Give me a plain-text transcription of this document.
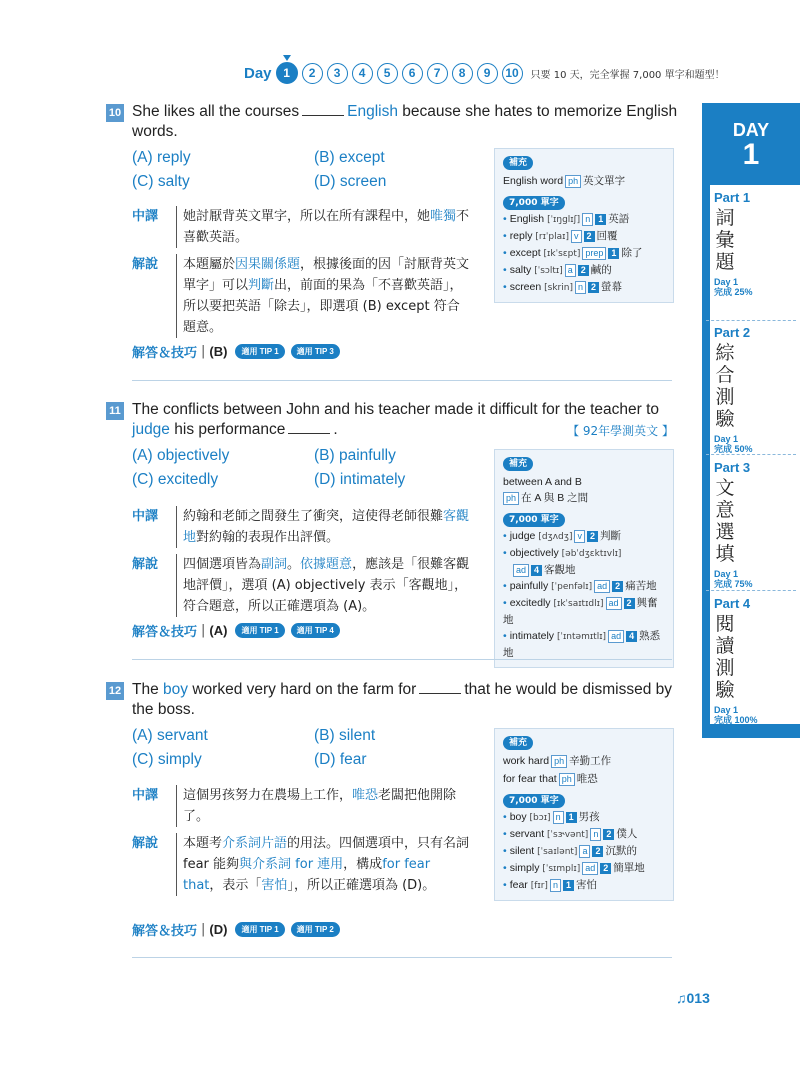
Day 1	2	3	4	5	6	7	8	9	10	只要 10 天，完全掌握 7,000 單字和題型！
DAY
1
Part 1
詞
彙
題
Day 1
完成 25%
Part 2
綜
合
測
驗
Day 1
完成 50%
Part 3
文
意
選
填
Day 1
完成 75%
Part 4
閱
讀
測
驗
Day 1
完成 100%
10 She likes all the courses	English because she hates to memorize English words.
(A) reply	(B) except
(C) salty	(D) screen
中譯	她討厭背英文單字，所以在所有課程中，她唯獨不喜歡英語。
解說	本題屬於因果關係題，根據後面的因「討厭背英文單字」可以判斷出，前面的果為「不喜歡英語」，所以要把英語「除去」，即選項 (B) except 符合題意。
解答＆技巧 | (B)	適用 TIP 1	適用 TIP 3
補充
English word ph 英文單字
7,000 單字
• English [ˈɪŋglɪʃ] n 1 英語
• reply [rɪˈplaɪ] v 2 回覆
• except [ɪkˈsɛpt] prep 1 除了
• salty [ˈsɔltɪ] a 2 鹹的
• screen [skrin] n 2 螢幕
11 The conflicts between John and his teacher made it difficult for the teacher to judge his performance	.	【 92年學測英文 】
(A) objectively	(B) painfully
(C) excitedly	(D) intimately
中譯	約翰和老師之間發生了衝突，這使得老師很難客觀地對約翰的表現作出評價。
解說	四個選項皆為副詞。依據題意，應該是「很難客觀地評價」，選項 (A) objectively 表示「客觀地」，符合題意，所以正確選項為 (A)。
解答＆技巧 | (A)	適用 TIP 1	適用 TIP 4
補充
between A and B
ph 在 A 與 B 之間
7,000 單字
• judge [dʒʌdʒ] v 2 判斷
• objectively [əbˈdʒɛktɪvlɪ]
ad 4 客觀地
• painfully [ˈpenfəlɪ] ad 2 痛苦地
• excitedly [ɪkˈsaɪtɪdlɪ] ad 2 興奮地
• intimately [ˈɪntəmɪtlɪ] ad 4 熟悉地
12 The boy worked very hard on the farm for	that he would be dismissed by the boss.
(A) servant	(B) silent
(C) simply	(D) fear
中譯	這個男孩努力在農場上工作，唯恐老闆把他開除了。
解說	本題考介系詞片語的用法。四個選項中，只有名詞 fear 能夠與介系詞 for 連用，構成for fear that，表示「害怕」，所以正確選項為 (D)。
解答＆技巧 | (D)	適用 TIP 1	適用 TIP 2
補充
work hard ph 辛勤工作
for fear that ph 唯恐
7,000 單字
• boy [bɔɪ] n 1 男孩
• servant [ˈsɝvənt] n 2 僕人
• silent [ˈsaɪlənt] a 2 沉默的
• simply [ˈsɪmplɪ] ad 2 簡單地
• fear [fɪr] n 1 害怕
♫013
